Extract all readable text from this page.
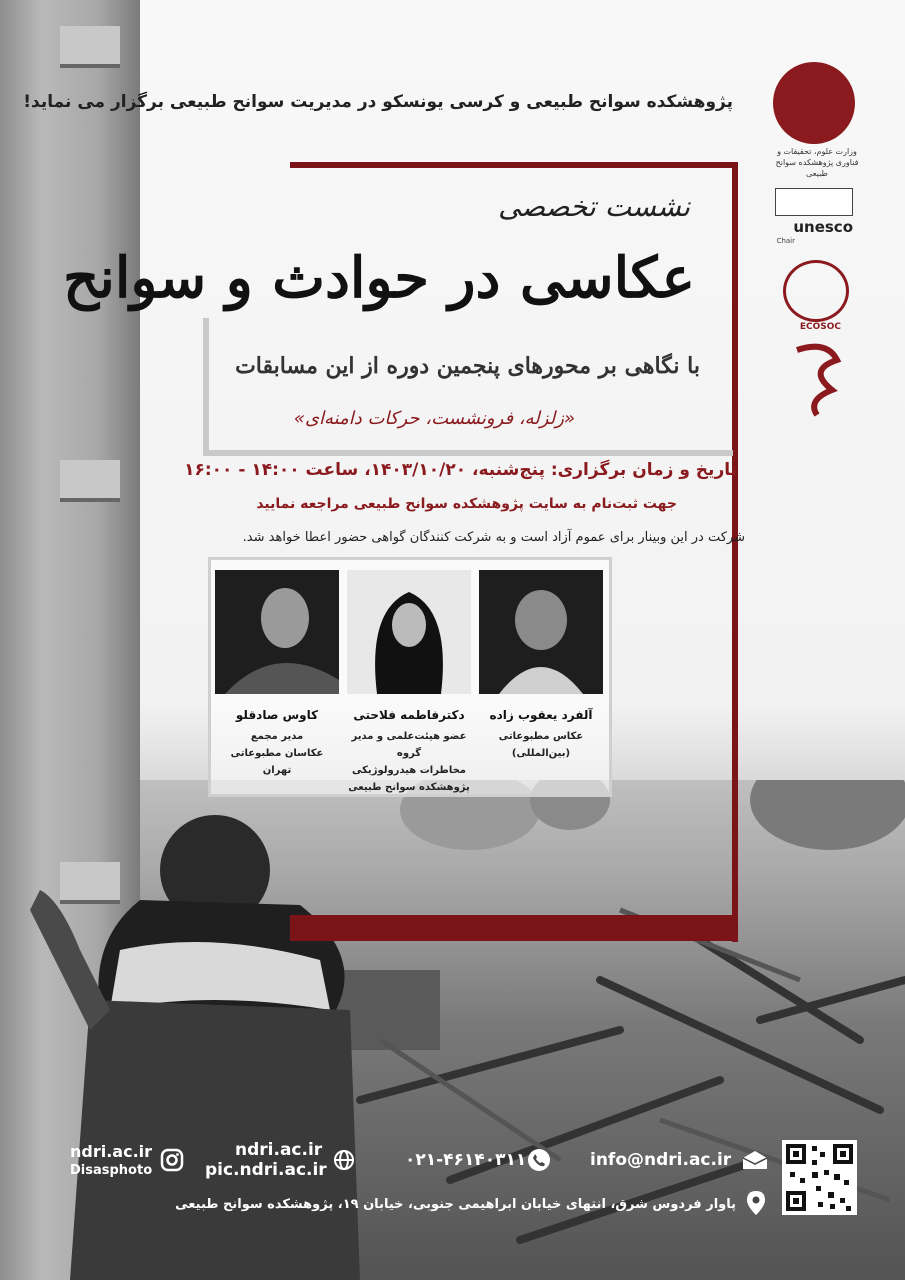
پژوهشکده سوانح طبیعی و کرسی یونسکو در مدیریت سوانح طبیعی برگزار می نماید!
وزارت علوم، تحقیقات و فناوری پژوهشکده سوانح طبیعی
unesco
Chair
ECOSOC
نشست تخصصی
عکاسی در حوادث و سوانح
با نگاهی بر محورهای پنجمین دوره از این مسابقات
«زلزله، فرونشست، حرکات دامنه‌ای»
تاریخ و زمان برگزاری: پنج‌شنبه، ۱۴۰۳/۱۰/۲۰، ساعت ۱۴:۰۰ - ۱۶:۰۰
جهت ثبت‌نام به سایت پژوهشکده سوانح طبیعی مراجعه نمایید
شرکت در این وبینار برای عموم آزاد است و به شرکت کنندگان گواهی حضور اعطا خواهد شد.
آلفرد یعقوب زاده
عکاس مطبوعاتی
(بین‌المللی)
دکترفاطمه فلاحتی
عضو هیئت‌علمی و مدیر گروه
مخاطرات هیدرولوژیکی
پژوهشکده سوانح طبیعی
کاوس صادقلو
مدیر مجمع
عکاسان مطبوعاتی تهران
ndri.ac.ir
Disasphoto
ndri.ac.ir
pic.ndri.ac.ir	۰۲۱-۴۶۱۴۰۳۱۱	info@ndri.ac.ir
پاوار فردوس شرق، انتهای خیابان ابراهیمی جنوبی، خیابان ۱۹، پژوهشکده سوانح طبیعی
